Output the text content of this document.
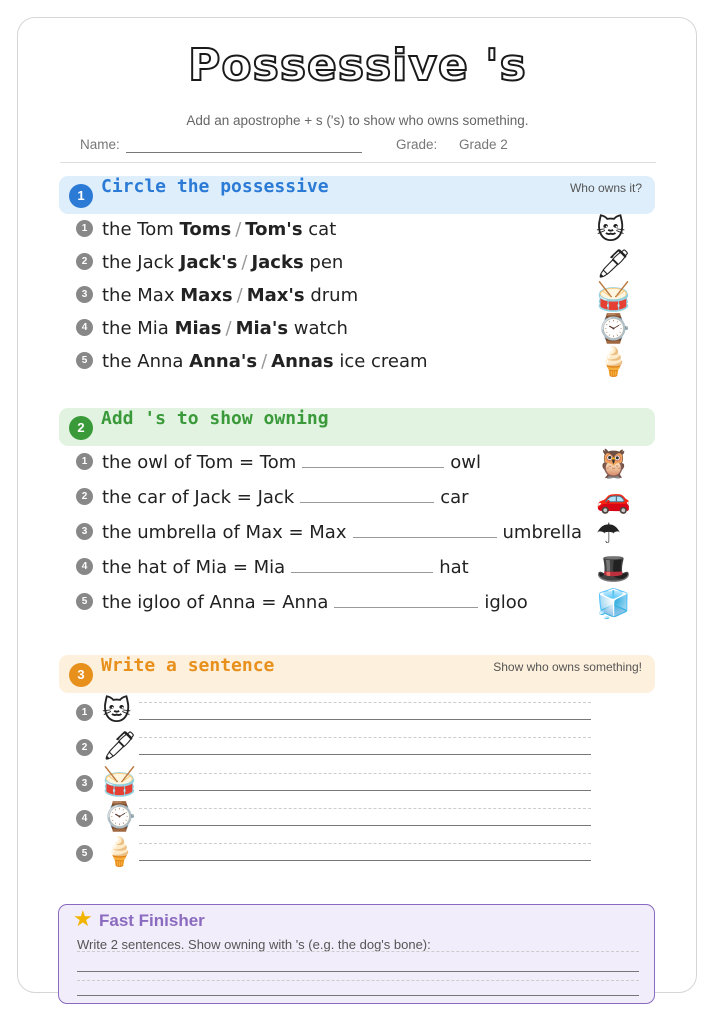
Possessive 's
Add an apostrophe + s ('s) to show who owns something.
Name:	Grade: Grade 2
1 Circle the possessive	Who owns it?
2 Add 's to show owning
3 Write a sentence	Show who owns something!
★ Fast Finisher
Write 2 sentences. Show owning with 's (e.g. the dog's bone):
1 the Tom Toms / Tom's cat	🐱
2 the Jack Jack's / Jacks pen	🖊
3 the Max Maxs / Max's drum	🥁
4 the Mia Mias / Mia's watch	⌚
5 the Anna Anna's / Annas ice cream	🍦
1 the owl of Tom = Tom	owl	🦉
2 the car of Jack = Jack	car	🚗
3 the umbrella of Max = Max	umbrella ☂
4 the hat of Mia = Mia	hat	🎩
5 the igloo of Anna = Anna	igloo 🧊
1 🐱
2 🖊
3 🥁
4 ⌚
5 🍦
